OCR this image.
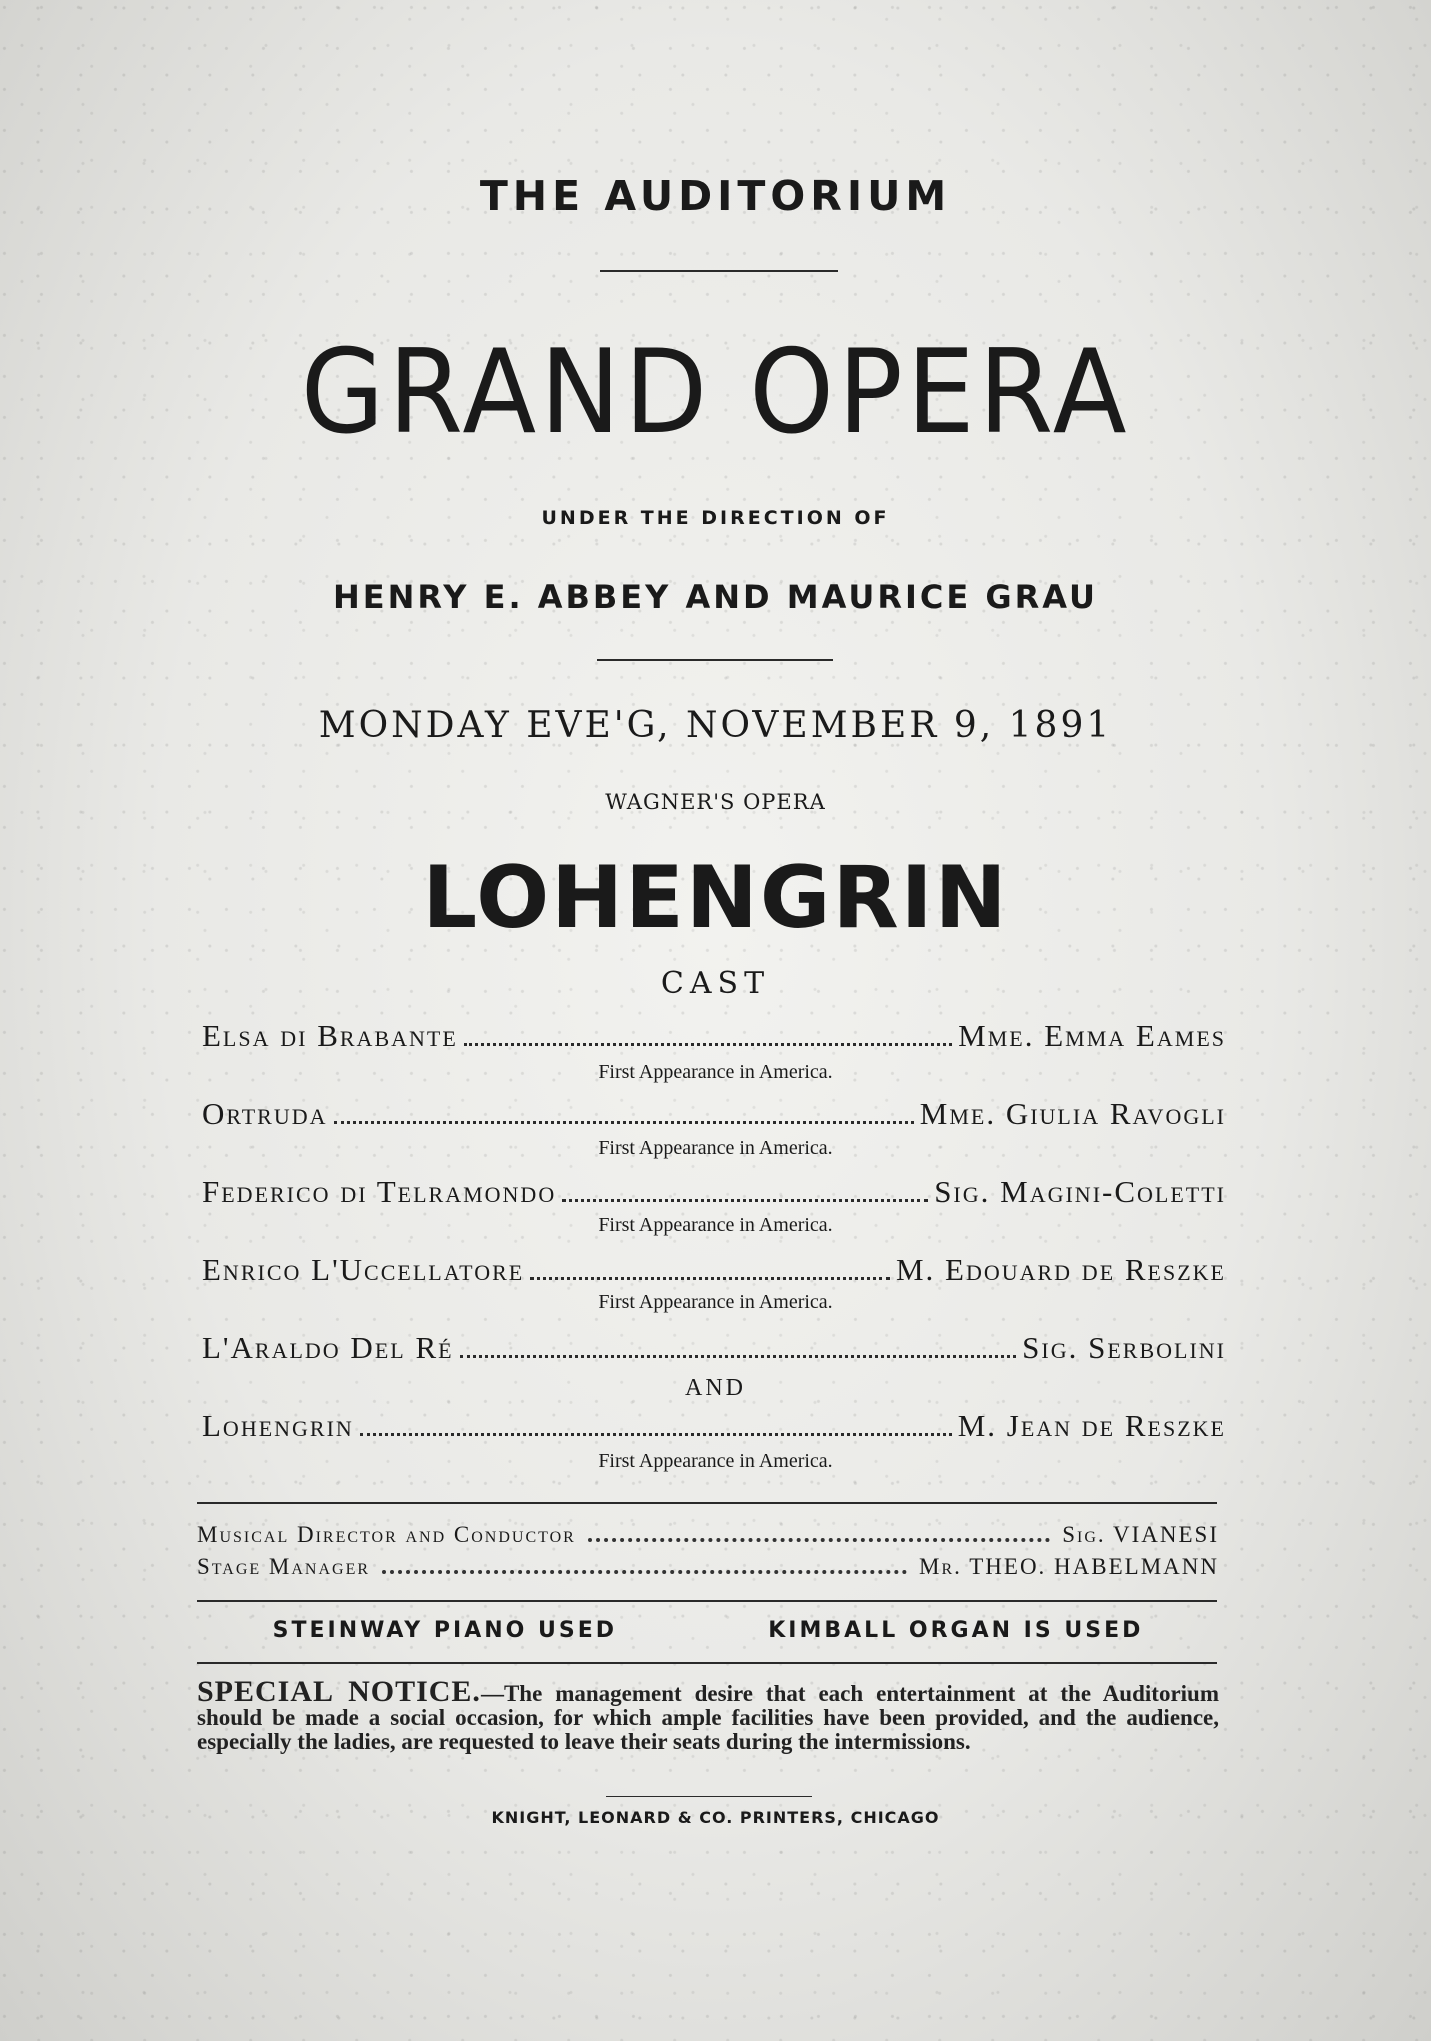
THE AUDITORIUM
GRAND OPERA
UNDER THE DIRECTION OF
HENRY E. ABBEY AND MAURICE GRAU
MONDAY EVE'G, NOVEMBER 9, 1891
WAGNER'S OPERA
LOHENGRIN
CAST
Elsa di Brabante	Mme. Emma Eames
First Appearance in America.
Ortruda	Mme. Giulia Ravogli
First Appearance in America.
Federico di Telramondo	Sig. Magini-Coletti
First Appearance in America.
Enrico L'Uccellatore	M. Edouard de Reszke
First Appearance in America.
L'Araldo Del Ré	Sig. Serbolini
AND
Lohengrin	M. Jean de Reszke
First Appearance in America.
Musical Director and Conductor	Sig. VIANESI
Stage Manager	Mr. THEO. HABELMANN
STEINWAY PIANO USED	KIMBALL ORGAN IS USED
SPECIAL NOTICE.—The management desire that each entertainment at the Auditorium should be made a social occasion, for which ample facilities have been provided, and the audience, especially the ladies, are requested to leave their seats during the intermissions.
KNIGHT, LEONARD & CO. PRINTERS, CHICAGO
